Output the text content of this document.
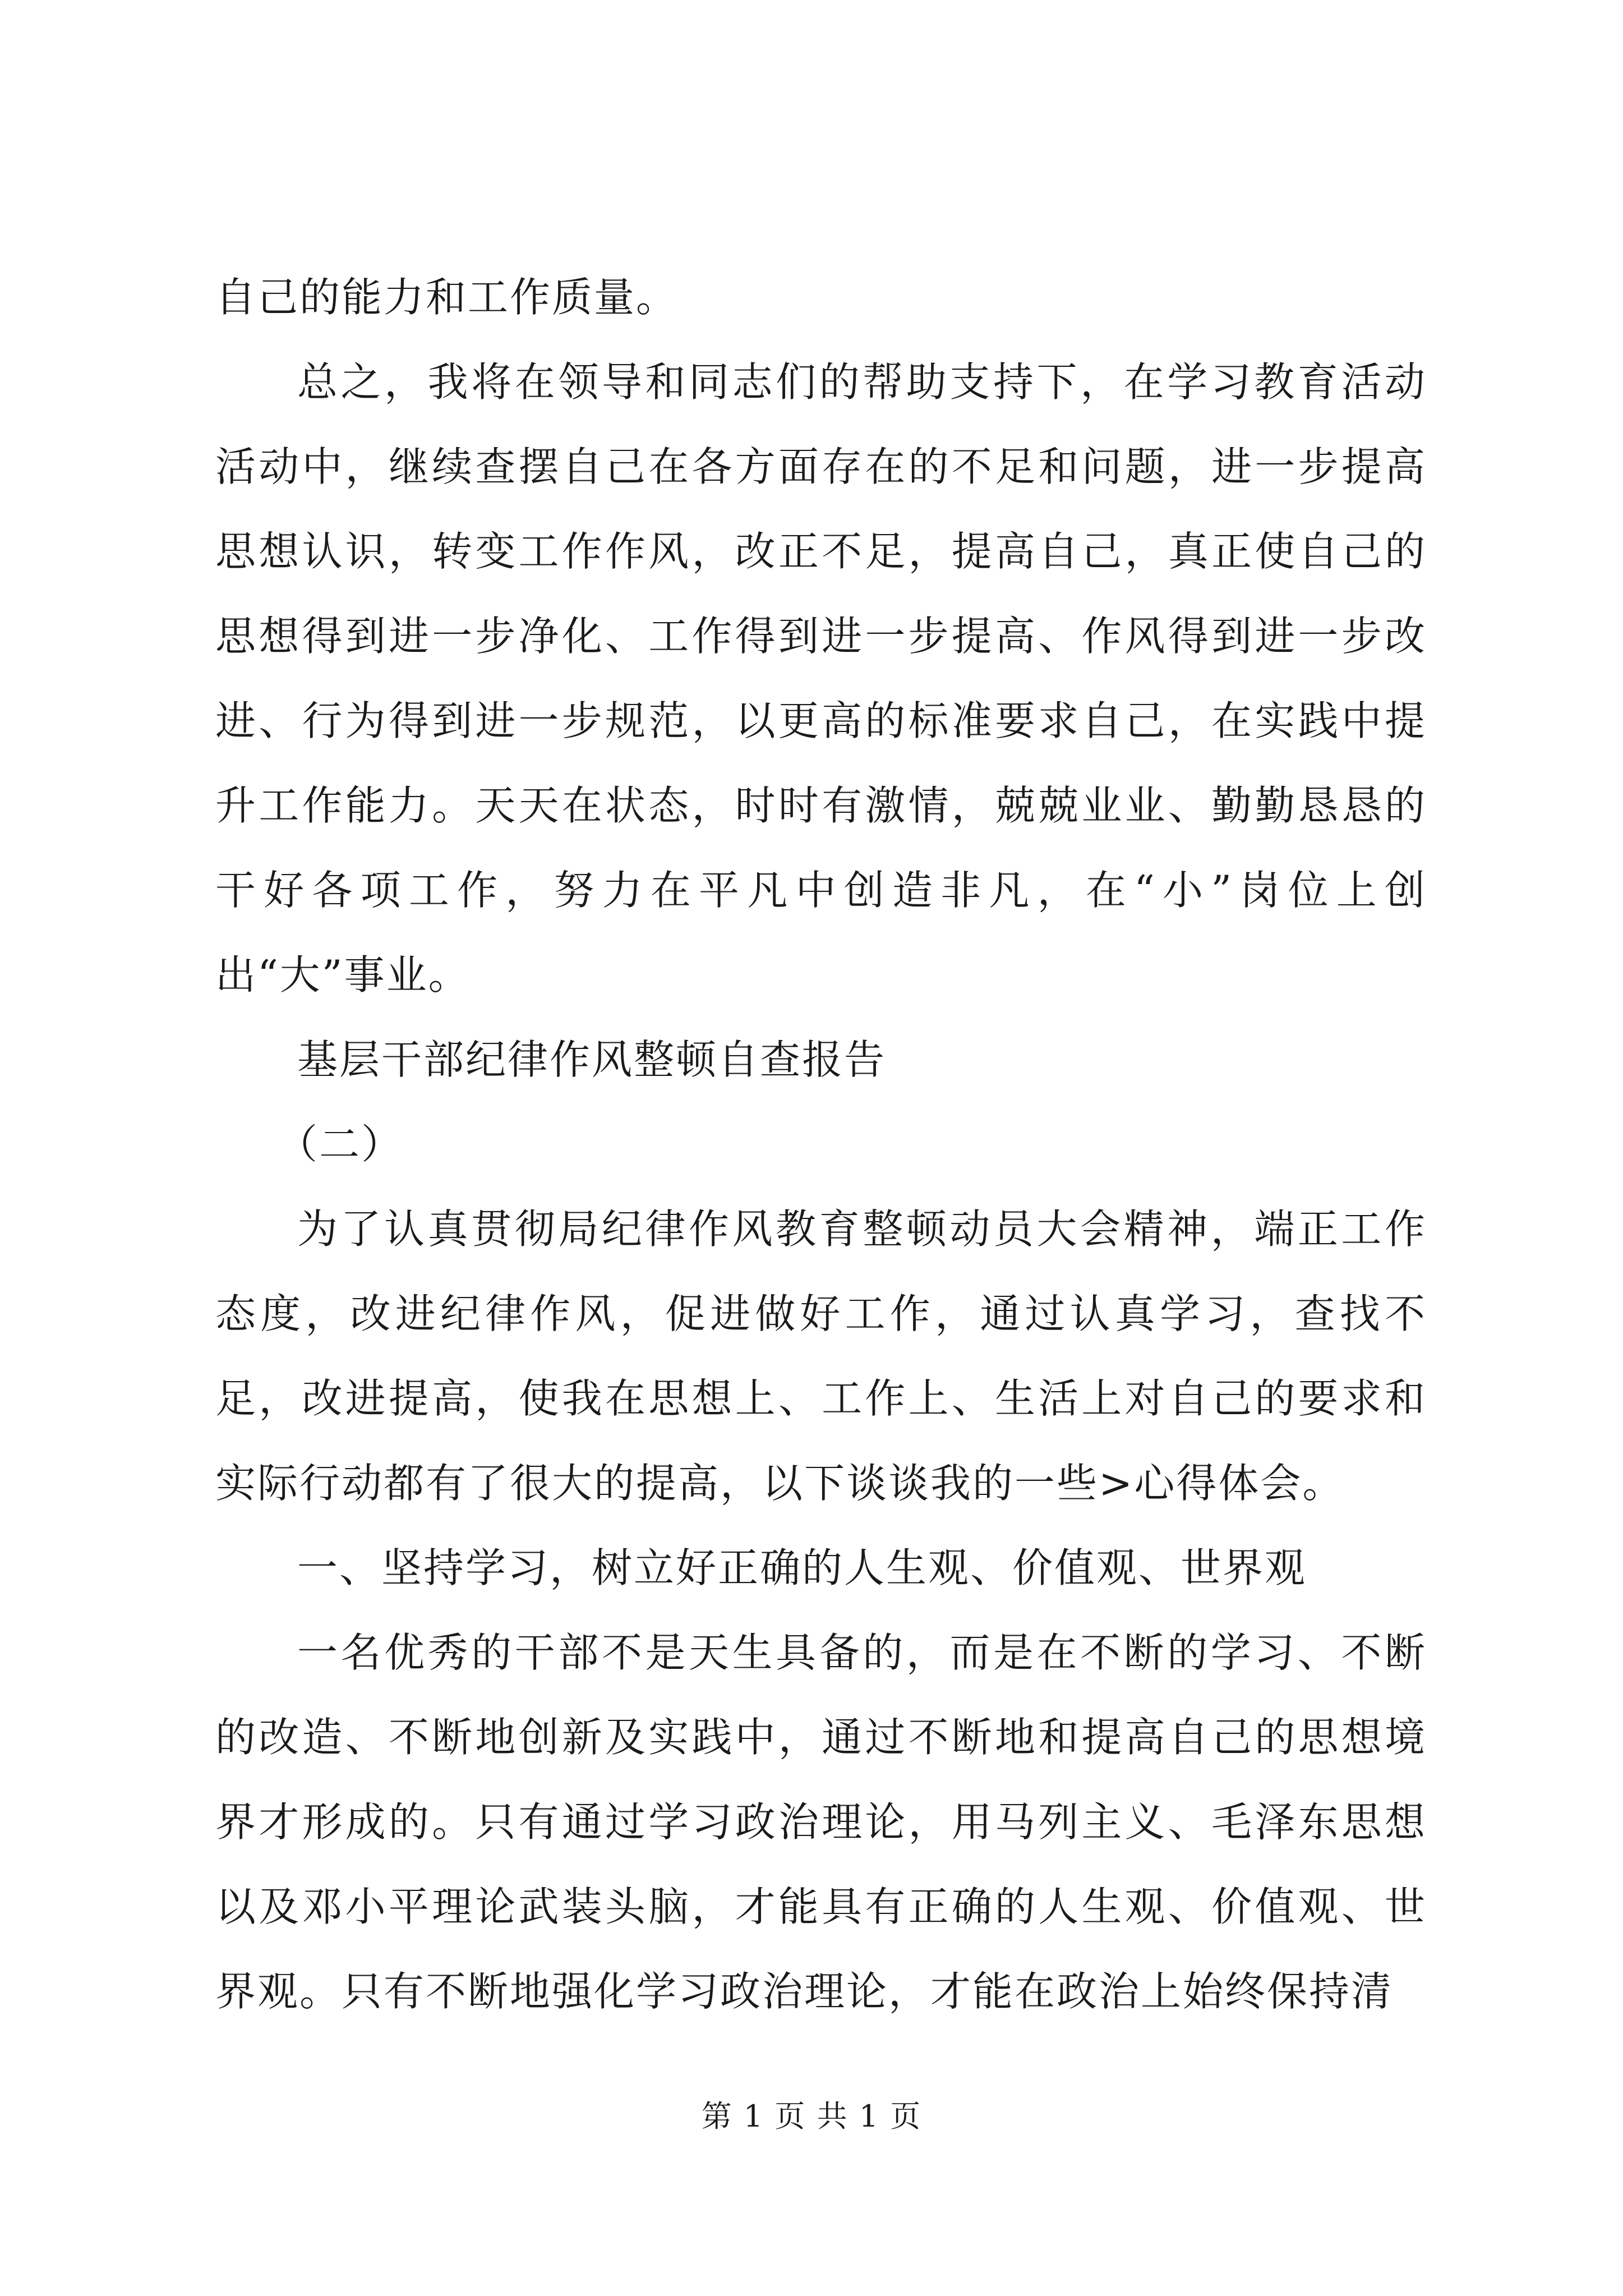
自己的能力和工作质量。

总之，我将在领导和同志们的帮助支持下，在学习教育活动活动中，继续查摆自己在各方面存在的不足和问题，进一步提高思想认识，转变工作作风，改正不足，提高自己，真正使自己的思想得到进一步净化、工作得到进一步提高、作风得到进一步改进、行为得到进一步规范，以更高的标准要求自己，在实践中提升工作能力。天天在状态，时时有激情，兢兢业业、勤勤恳恳的干好各项工作，努力在平凡中创造非凡，在“小”岗位上创出“大”事业。

基层干部纪律作风整顿自查报告

（二）

为了认真贯彻局纪律作风教育整顿动员大会精神，端正工作态度，改进纪律作风，促进做好工作，通过认真学习，查找不足，改进提高，使我在思想上、工作上、生活上对自己的要求和实际行动都有了很大的提高，以下谈谈我的一些>心得体会。

一、坚持学习，树立好正确的人生观、价值观、世界观

一名优秀的干部不是天生具备的，而是在不断的学习、不断的改造、不断地创新及实践中，通过不断地和提高自己的思想境界才形成的。只有通过学习政治理论，用马列主义、毛泽东思想以及邓小平理论武装头脑，才能具有正确的人生观、价值观、世界观。只有不断地强化学习政治理论，才能在政治上始终保持清

第 1 页 共 1 页
